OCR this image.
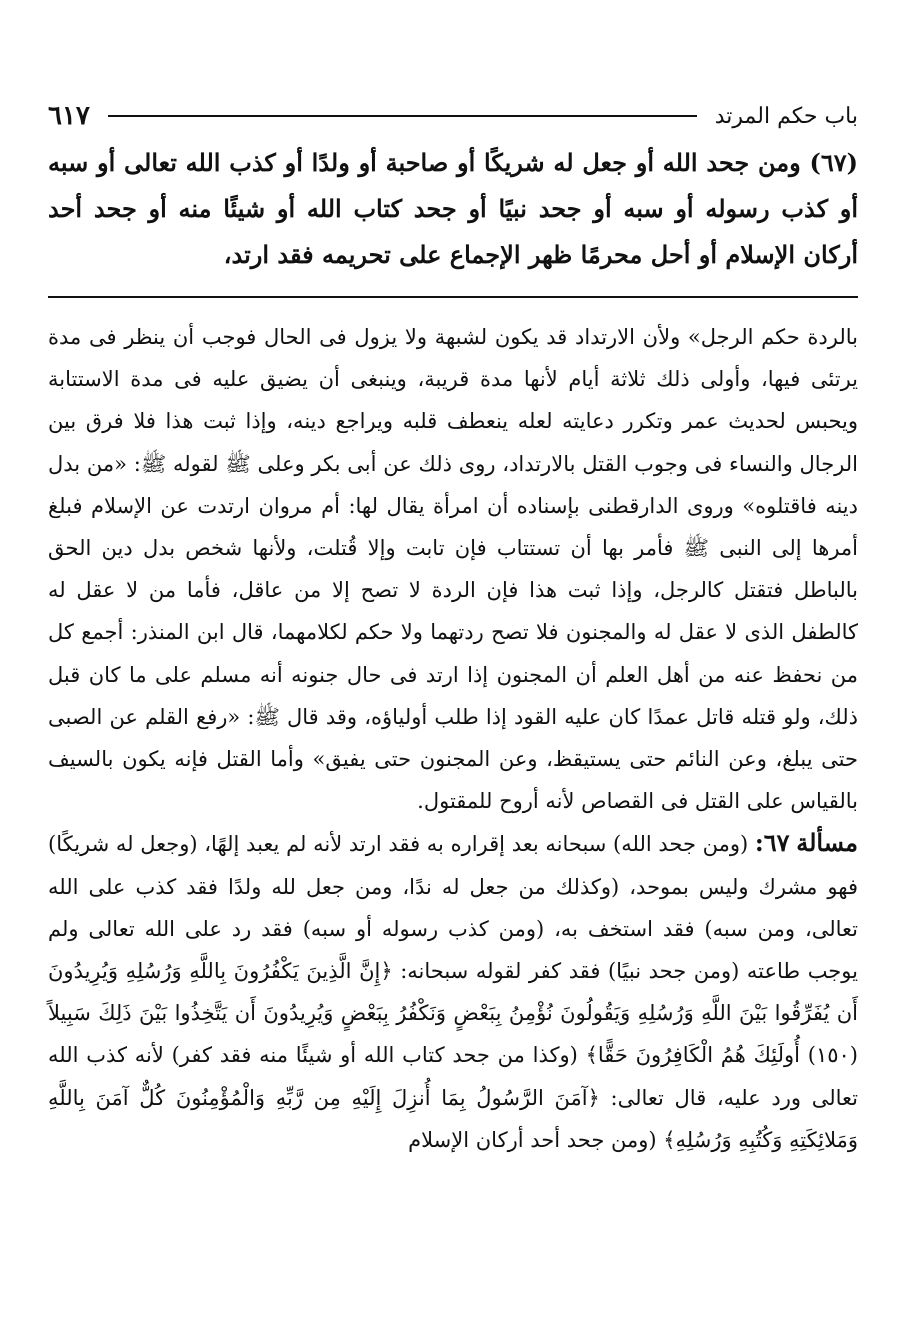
باب حكم المرتد
٦١٧

(٦٧) ومن جحد الله أو جعل له شريكًا أو صاحبة أو ولدًا أو كذب الله تعالى أو سبه أو كذب رسوله أو سبه أو جحد نبيًا أو جحد كتاب الله أو شيئًا منه أو جحد أحد أركان الإسلام أو أحل محرمًا ظهر الإجماع على تحريمه فقد ارتد،

بالردة حكم الرجل» ولأن الارتداد قد يكون لشبهة ولا يزول فى الحال فوجب أن ينظر فى مدة يرتئى فيها، وأولى ذلك ثلاثة أيام لأنها مدة قريبة، وينبغى أن يضيق عليه فى مدة الاستتابة ويحبس لحديث عمر وتكرر دعايته لعله ينعطف قلبه ويراجع دينه، وإذا ثبت هذا فلا فرق بين الرجال والنساء فى وجوب القتل بالارتداد، روى ذلك عن أبى بكر وعلى ﷺ لقوله ﷺ: «من بدل دينه فاقتلوه» وروى الدارقطنى بإسناده أن امرأة يقال لها: أم مروان ارتدت عن الإسلام فبلغ أمرها إلى النبى ﷺ فأمر بها أن تستتاب فإن تابت وإلا قُتلت، ولأنها شخص بدل دين الحق بالباطل فتقتل كالرجل، وإذا ثبت هذا فإن الردة لا تصح إلا من عاقل، فأما من لا عقل له كالطفل الذى لا عقل له والمجنون فلا تصح ردتهما ولا حكم لكلامهما، قال ابن المنذر: أجمع كل من نحفظ عنه من أهل العلم أن المجنون إذا ارتد فى حال جنونه أنه مسلم على ما كان قبل ذلك، ولو قتله قاتل عمدًا كان عليه القود إذا طلب أولياؤه، وقد قال ﷺ: «رفع القلم عن الصبى حتى يبلغ، وعن النائم حتى يستيقظ، وعن المجنون حتى يفيق» وأما القتل فإنه يكون بالسيف بالقياس على القتل فى القصاص لأنه أروح للمقتول.

مسألة ٦٧: (ومن جحد الله) سبحانه بعد إقراره به فقد ارتد لأنه لم يعبد إلهًا، (وجعل له شريكًا) فهو مشرك وليس بموحد، (وكذلك من جعل له ندًا، ومن جعل لله ولدًا فقد كذب على الله تعالى، ومن سبه) فقد استخف به، (ومن كذب رسوله أو سبه) فقد رد على الله تعالى ولم يوجب طاعته (ومن جحد نبيًا) فقد كفر لقوله سبحانه: ﴿إِنَّ الَّذِينَ يَكْفُرُونَ بِاللَّهِ وَرُسُلِهِ وَيُرِيدُونَ أَن يُفَرِّقُوا بَيْنَ اللَّهِ وَرُسُلِهِ وَيَقُولُونَ نُؤْمِنُ بِبَعْضٍ وَنَكْفُرُ بِبَعْضٍ وَيُرِيدُونَ أَن يَتَّخِذُوا بَيْنَ ذَلِكَ سَبِيلاً (١٥٠) أُولَئِكَ هُمُ الْكَافِرُونَ حَقًّا﴾ (وكذا من جحد كتاب الله أو شيئًا منه فقد كفر) لأنه كذب الله تعالى ورد عليه، قال تعالى: ﴿آمَنَ الرَّسُولُ بِمَا أُنزِلَ إِلَيْهِ مِن رَّبِّهِ وَالْمُؤْمِنُونَ كُلٌّ آمَنَ بِاللَّهِ وَمَلائِكَتِهِ وَكُتُبِهِ وَرُسُلِهِ﴾ (ومن جحد أحد أركان الإسلام
